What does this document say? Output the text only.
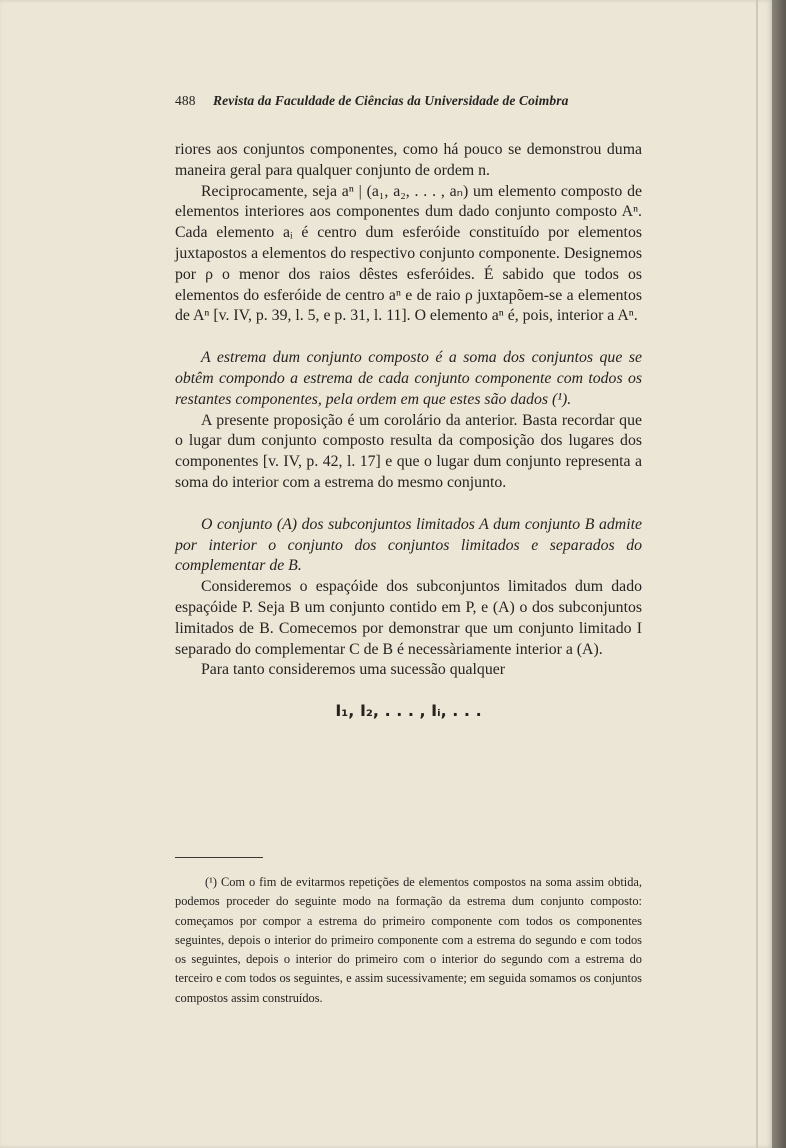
488 Revista da Faculdade de Ciências da Universidade de Coimbra

riores aos conjuntos componentes, como há pouco se demonstrou duma maneira geral para qualquer conjunto de ordem n.

Reciprocamente, seja aⁿ | (a₁, a₂, . . . , aₙ) um elemento composto de elementos interiores aos componentes dum dado conjunto composto Aⁿ. Cada elemento aᵢ é centro dum esferóide constituído por elementos juxtapostos a elementos do respectivo conjunto componente. Designemos por ρ o menor dos raios dêstes esferóides. É sabido que todos os elementos do esferóide de centro aⁿ e de raio ρ juxtapõem-se a elementos de Aⁿ [v. IV, p. 39, l. 5, e p. 31, l. 11]. O elemento aⁿ é, pois, interior a Aⁿ.

A estrema dum conjunto composto é a soma dos conjuntos que se obtêm compondo a estrema de cada conjunto componente com todos os restantes componentes, pela ordem em que estes são dados (¹).

A presente proposição é um corolário da anterior. Basta recordar que o lugar dum conjunto composto resulta da composição dos lugares dos componentes [v. IV, p. 42, l. 17] e que o lugar dum conjunto representa a soma do interior com a estrema do mesmo conjunto.

O conjunto (A) dos subconjuntos limitados A dum conjunto B admite por interior o conjunto dos conjuntos limitados e separados do complementar de B.

Consideremos o espaçóide dos subconjuntos limitados dum dado espaçóide P. Seja B um conjunto contido em P, e (A) o dos subconjuntos limitados de B. Comecemos por demonstrar que um conjunto limitado I separado do complementar C de B é necessàriamente interior a (A).

Para tanto consideremos uma sucessão qualquer

I₁, I₂, . . . , Iᵢ, . . .
(¹) Com o fim de evitarmos repetições de elementos compostos na soma assim obtida, podemos proceder do seguinte modo na formação da estrema dum conjunto composto: começamos por compor a estrema do primeiro componente com todos os componentes seguintes, depois o interior do primeiro componente com a estrema do segundo e com todos os seguintes, depois o interior do primeiro com o interior do segundo com a estrema do terceiro e com todos os seguintes, e assim sucessivamente; em seguida somamos os conjuntos compostos assim construídos.
